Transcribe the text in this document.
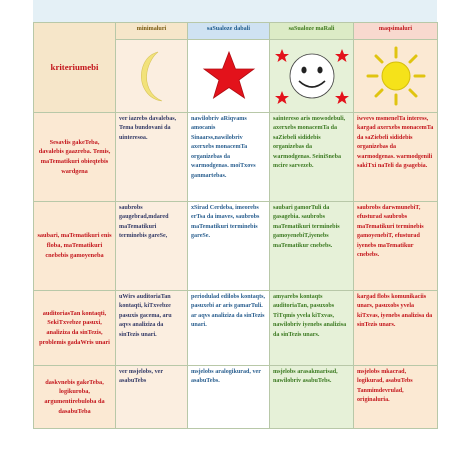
kriteriumebi	minimaluri	saSualoze dabali	saSualoze maRali	maqsimaluri

Sesavlis gakeTeba, davalebis gaazreba. Temis, maTematikuri obieqtebis wardgena	ver iazrebs davalebas, Tema bundovani da uinteresoa.	nawilobriv aRiqvams amocanis Sinaarss,nawilobriv axerxebs monacemTa organizebas da warmodgenas. moiTxovs ganmartebas.	saintereso aris mowodebuli, axerxebs monacemTa da saZiebeli sididebis organizebas da warmodgenas. SeiniSneba mcire sarvezeb.	iwvevs msmenelTa interess, kargad axerxebs monacemTa da saZiebeli sididebis organizebas da warmodgenas. warmodgenili sakiTxi naTeli da gsagebia.

saubari, maTematikuri enis floba, maTematikuri cnebebis gamoyeneba	saubrobs gaugebrad,mdared maTematikuri terminebis gareSe,	xSirad Cerdeba, imeorebs erTsa da imaves, saubrobs maTematikuri terminebis gareSe.	saubari gamorTuli da gasagebia. saubrobs maTematikuri terminebis gamoyenebiT,iyenebs maTematikur cnebebs.	saubrobs darwmunebiT, efusturad saubrobs maTematikuri terminebis gamoyenebiT, efusturad iyenebs maTematikur cnebebs.

auditoriasTan kontaqti, SekiTxvebze pasuxi, analiziza da sinTezis, problemis gadaWris unari	uWirs auditoriaTan kontaqti, kiTxvebze pasuxis gacema, aru aqvs analiziza da sinTezis unari.	periodulad edilobs kontaqts, pasuxebi ar aris gamarTuli. ar aqvs analiziza da sinTezis unari.	amyarebs kontaqts auditoriaTan, pasuxobs TiTqmis yvela kiTxvas, nawilobriv iyenebs analizisa da sinTezis unars.	kargad flobs komunikaciis unars, pasuxobs yvela kiTxvas, iyenebs analizisa da sinTezis unars.

daskvnebis gakeTeba, logikuroba, argumentirebuloba da dasabuTeba	ver msjelobs, ver asabuTebs	msjelobs aralogikurad, ver asabuTebs.	msjelobs arasakmarisad, nawilobriv asabuTebs.	msjelobs mkacrad, logikurad, asabuTebs Tanmimdevrulad, originaluria.
